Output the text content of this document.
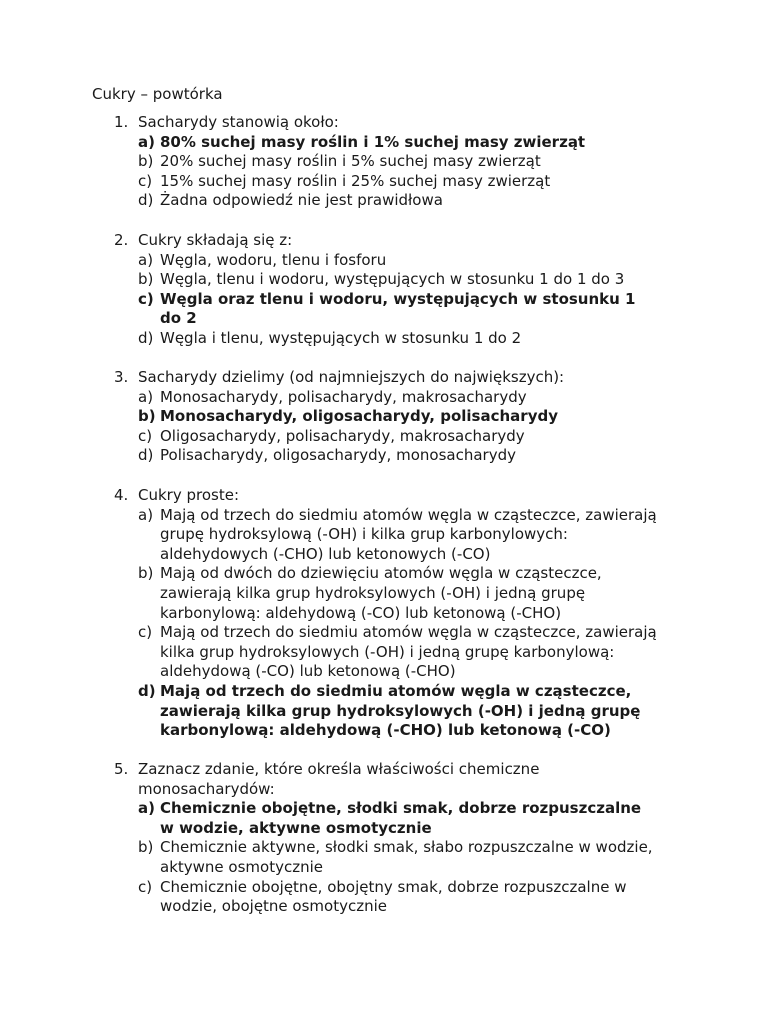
Cukry – powtórka
1. Sacharydy stanowią około:
a) 80% suchej masy roślin i 1% suchej masy zwierząt
b) 20% suchej masy roślin i 5% suchej masy zwierząt
c) 15% suchej masy roślin i 25% suchej masy zwierząt
d) Żadna odpowiedź nie jest prawidłowa
2. Cukry składają się z:
a) Węgla, wodoru, tlenu i fosforu
b) Węgla, tlenu i wodoru, występujących w stosunku 1 do 1 do 3
c) Węgla oraz tlenu i wodoru, występujących w stosunku 1
do 2
d) Węgla i tlenu, występujących w stosunku 1 do 2
3. Sacharydy dzielimy (od najmniejszych do największych):
a) Monosacharydy, polisacharydy, makrosacharydy
b) Monosacharydy, oligosacharydy, polisacharydy
c) Oligosacharydy, polisacharydy, makrosacharydy
d) Polisacharydy, oligosacharydy, monosacharydy
4. Cukry proste:
a) Mają od trzech do siedmiu atomów węgla w cząsteczce, zawierają
grupę hydroksylową (-OH) i kilka grup karbonylowych:
aldehydowych (-CHO) lub ketonowych (-CO)
b) Mają od dwóch do dziewięciu atomów węgla w cząsteczce,
zawierają kilka grup hydroksylowych (-OH) i jedną grupę
karbonylową: aldehydową (-CO) lub ketonową (-CHO)
c) Mają od trzech do siedmiu atomów węgla w cząsteczce, zawierają
kilka grup hydroksylowych (-OH) i jedną grupę karbonylową:
aldehydową (-CO) lub ketonową (-CHO)
d) Mają od trzech do siedmiu atomów węgla w cząsteczce,
zawierają kilka grup hydroksylowych (-OH) i jedną grupę
karbonylową: aldehydową (-CHO) lub ketonową (-CO)
5. Zaznacz zdanie, które określa właściwości chemiczne
monosacharydów:
a) Chemicznie obojętne, słodki smak, dobrze rozpuszczalne
w wodzie, aktywne osmotycznie
b) Chemicznie aktywne, słodki smak, słabo rozpuszczalne w wodzie,
aktywne osmotycznie
c) Chemicznie obojętne, obojętny smak, dobrze rozpuszczalne w
wodzie, obojętne osmotycznie
